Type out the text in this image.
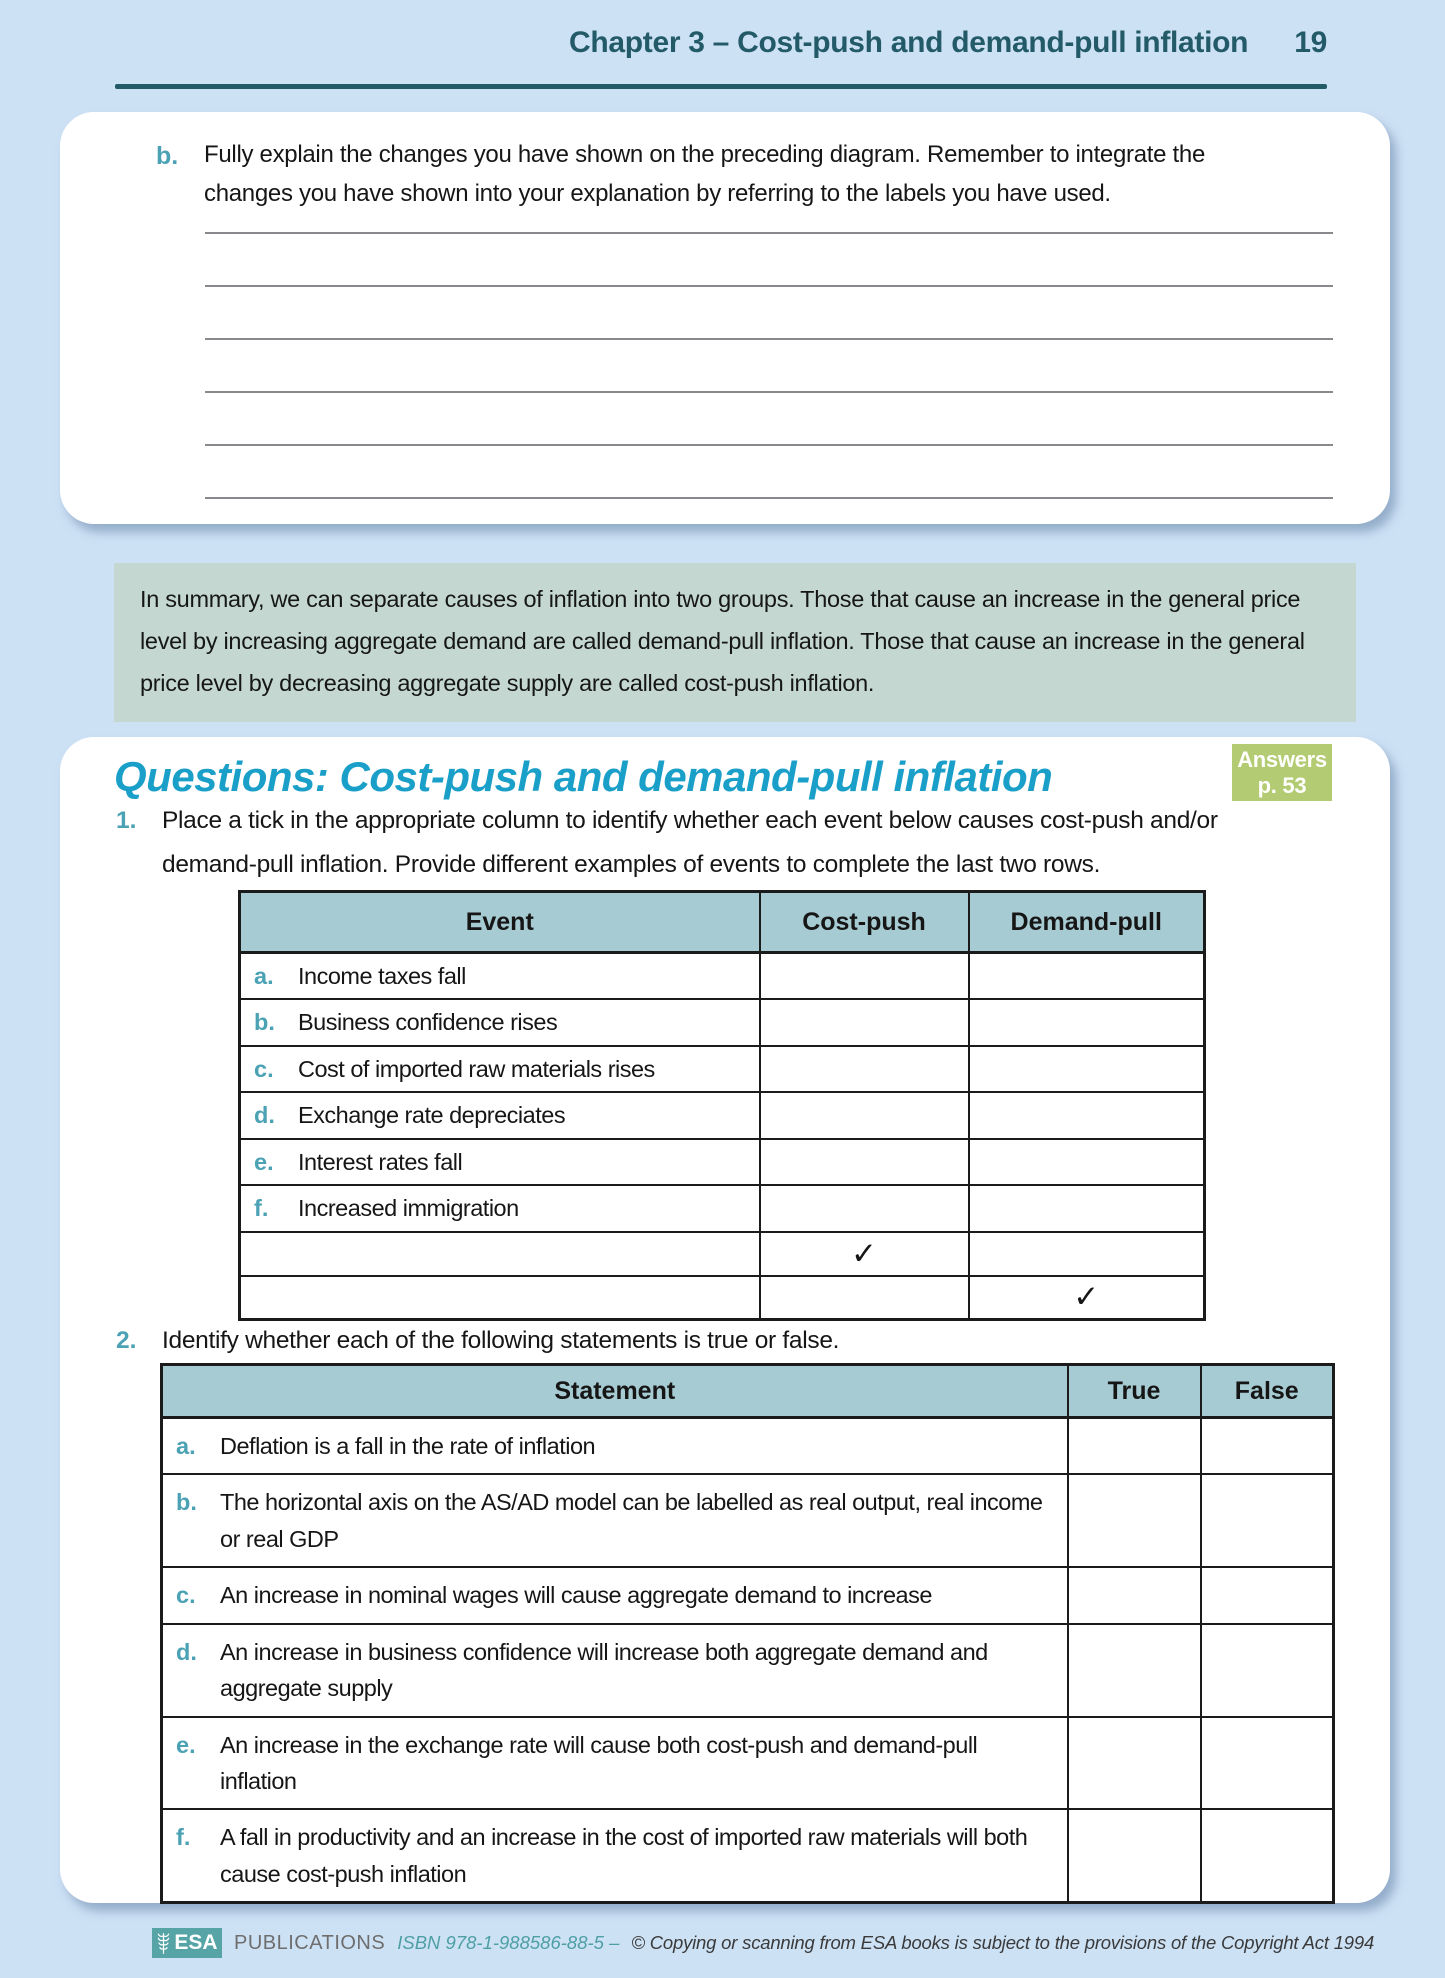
Chapter 3 – Cost-push and demand-pull inflation 19
b.	Fully explain the changes you have shown on the preceding diagram. Remember to integrate the changes you have shown into your explanation by referring to the labels you have used.

In summary, we can separate causes of inflation into two groups. Those that cause an increase in the general price level by increasing aggregate demand are called demand-pull inflation. Those that cause an increase in the general price level by decreasing aggregate supply are called cost-push inflation.

Questions: Cost-push and demand-pull inflation	Answers
p. 53
1.	Place a tick in the appropriate column to identify whether each event below causes cost-push and/or demand-pull inflation. Provide different examples of events to complete the last two rows.

Event	Cost-push	Demand-pull

a. Income taxes fall		

b. Business confidence rises		

c. Cost of imported raw materials rises		

d. Exchange rate depreciates		

e. Interest rates fall		

f. Increased immigration		

	✓	

		✓
2.	Identify whether each of the following statements is true or false.

Statement	True	False

a. Deflation is a fall in the rate of inflation		

b. The horizontal axis on the AS/AD model can be labelled as real output, real income or real GDP		

c. An increase in nominal wages will cause aggregate demand to increase		

d. An increase in business confidence will increase both aggregate demand and aggregate supply		

e. An increase in the exchange rate will cause both cost-push and demand-pull inflation		

f. A fall in productivity and an increase in the cost of imported raw materials will both cause cost-push inflation		

ESA PUBLICATIONS ISBN 978-1-988586-88-5 – © Copying or scanning from ESA books is subject to the provisions of the Copyright Act 1994
